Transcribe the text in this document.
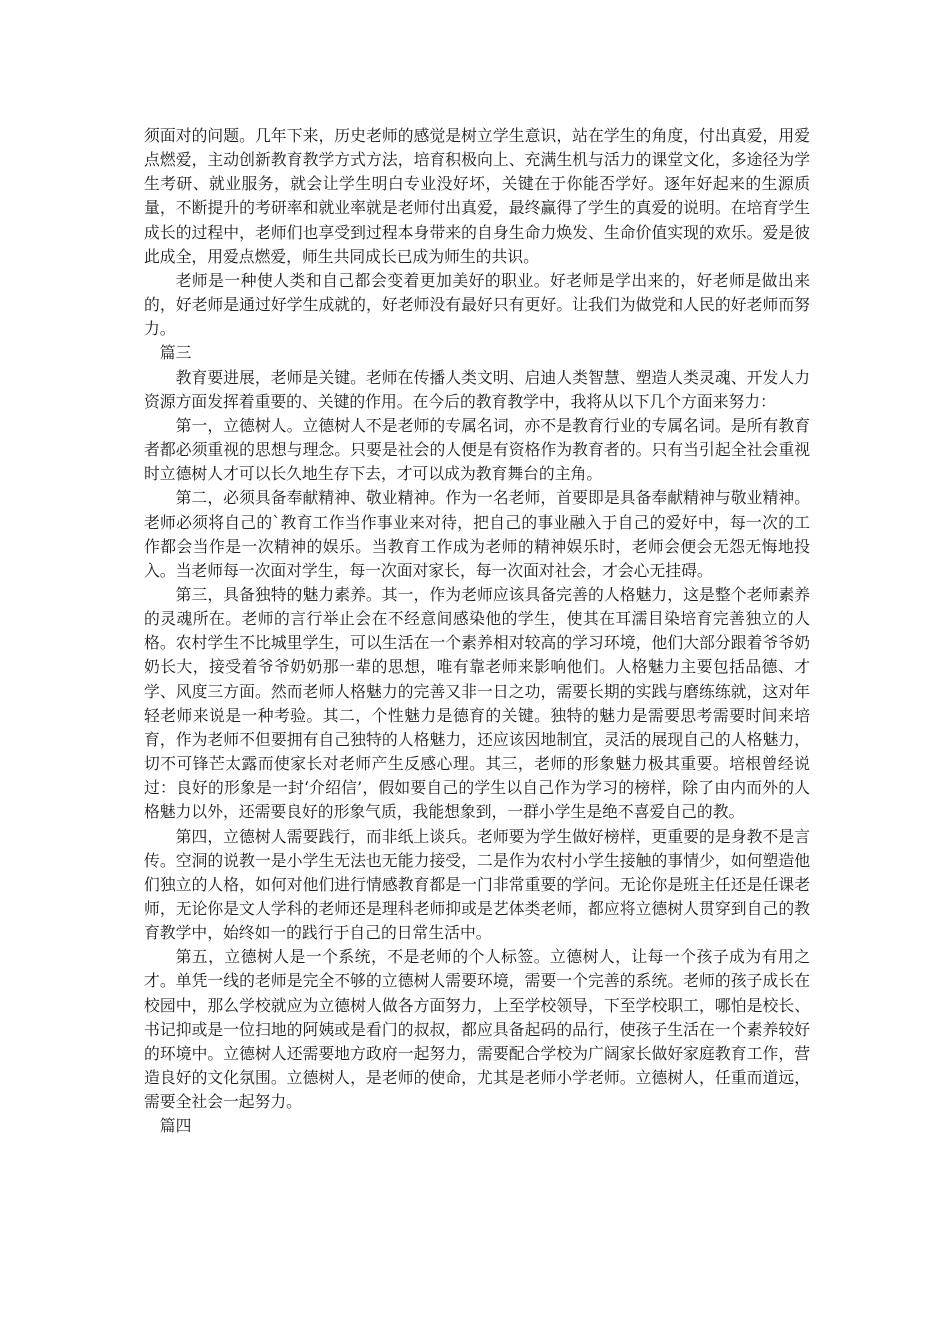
须面对的问题。几年下来，历史老师的感觉是树立学生意识，站在学生的角度，付出真爱，用爱点燃爱，主动创新教育教学方式方法，培育积极向上、充满生机与活力的课堂文化，多途径为学生考研、就业服务，就会让学生明白专业没好坏，关键在于你能否学好。逐年好起来的生源质量，不断提升的考研率和就业率就是老师付出真爱，最终赢得了学生的真爱的说明。在培育学生成长的过程中，老师们也享受到过程本身带来的自身生命力焕发、生命价值实现的欢乐。爱是彼此成全，用爱点燃爱，师生共同成长已成为师生的共识。

老师是一种使人类和自己都会变着更加美好的职业。好老师是学出来的，好老师是做出来的，好老师是通过好学生成就的，好老师没有最好只有更好。让我们为做党和人民的好老师而努力。

篇三

教育要进展，老师是关键。老师在传播人类文明、启迪人类智慧、塑造人类灵魂、开发人力资源方面发挥着重要的、关键的作用。在今后的教育教学中，我将从以下几个方面来努力：

第一，立德树人。立德树人不是老师的专属名词，亦不是教育行业的专属名词。是所有教育者都必须重视的思想与理念。只要是社会的人便是有资格作为教育者的。只有当引起全社会重视时立德树人才可以长久地生存下去，才可以成为教育舞台的主角。

第二，必须具备奉献精神、敬业精神。作为一名老师，首要即是具备奉献精神与敬业精神。老师必须将自己的`教育工作当作事业来对待，把自己的事业融入于自己的爱好中，每一次的工作都会当作是一次精神的娱乐。当教育工作成为老师的精神娱乐时，老师会便会无怨无悔地投入。当老师每一次面对学生，每一次面对家长，每一次面对社会，才会心无挂碍。

第三，具备独特的魅力素养。其一，作为老师应该具备完善的人格魅力，这是整个老师素养的灵魂所在。老师的言行举止会在不经意间感染他的学生，使其在耳濡目染培育完善独立的人格。农村学生不比城里学生，可以生活在一个素养相对较高的学习环境，他们大部分跟着爷爷奶奶长大，接受着爷爷奶奶那一辈的思想，唯有靠老师来影响他们。人格魅力主要包括品德、才学、风度三方面。然而老师人格魅力的完善又非一日之功，需要长期的实践与磨练练就，这对年轻老师来说是一种考验。其二，个性魅力是德育的关键。独特的魅力是需要思考需要时间来培育，作为老师不但要拥有自己独特的人格魅力，还应该因地制宜，灵活的展现自己的人格魅力，切不可锋芒太露而使家长对老师产生反感心理。其三，老师的形象魅力极其重要。培根曾经说过：良好的形象是一封‘介绍信’，假如要自己的学生以自己作为学习的榜样，除了由内而外的人格魅力以外，还需要良好的形象气质，我能想象到，一群小学生是绝不喜爱自己的教。

第四，立德树人需要践行，而非纸上谈兵。老师要为学生做好榜样，更重要的是身教不是言传。空洞的说教一是小学生无法也无能力接受，二是作为农村小学生接触的事情少，如何塑造他们独立的人格，如何对他们进行情感教育都是一门非常重要的学问。无论你是班主任还是任课老师，无论你是文人学科的老师还是理科老师抑或是艺体类老师，都应将立德树人贯穿到自己的教育教学中，始终如一的践行于自己的日常生活中。

第五，立德树人是一个系统，不是老师的个人标签。立德树人，让每一个孩子成为有用之才。单凭一线的老师是完全不够的立德树人需要环境，需要一个完善的系统。老师的孩子成长在校园中，那么学校就应为立德树人做各方面努力，上至学校领导，下至学校职工，哪怕是校长、书记抑或是一位扫地的阿姨或是看门的叔叔，都应具备起码的品行，使孩子生活在一个素养较好的环境中。立德树人还需要地方政府一起努力，需要配合学校为广阔家长做好家庭教育工作，营造良好的文化氛围。立德树人，是老师的使命，尤其是老师小学老师。立德树人，任重而道远，需要全社会一起努力。

篇四
